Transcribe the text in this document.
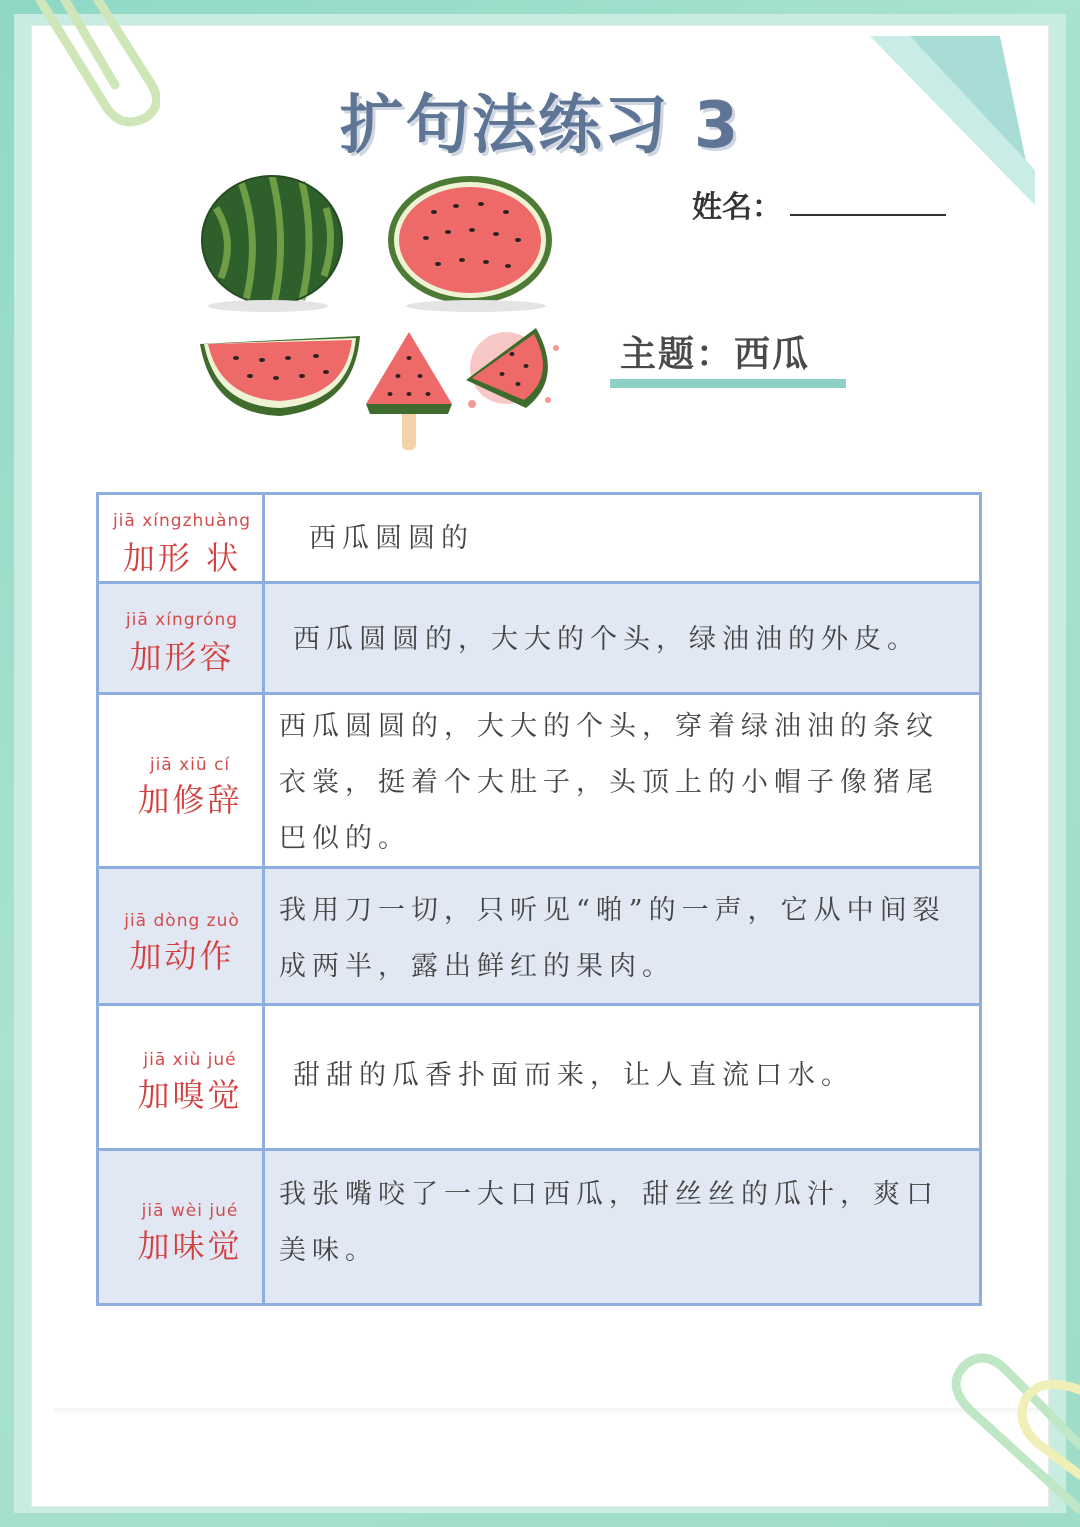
扩句法练习 3
姓名：
主题：西瓜
jiā xíngzhuàng
加形 状
西瓜圆圆的
jiā xíngróng
加形容	西瓜圆圆的，大大的个头，绿油油的外皮。
jiā xiū cí
加修辞
西瓜圆圆的，大大的个头，穿着绿油油的条纹衣裳，挺着个大肚子，头顶上的小帽子像猪尾巴似的。
jiā dòng zuò
加动作
我用刀一切，只听见“啪”的一声，它从中间裂成两半，露出鲜红的果肉。
jiā xiù jué
加嗅觉
甜甜的瓜香扑面而来，让人直流口水。
jiā wèi jué
加味觉
我张嘴咬了一大口西瓜，甜丝丝的瓜汁，爽口美味。
